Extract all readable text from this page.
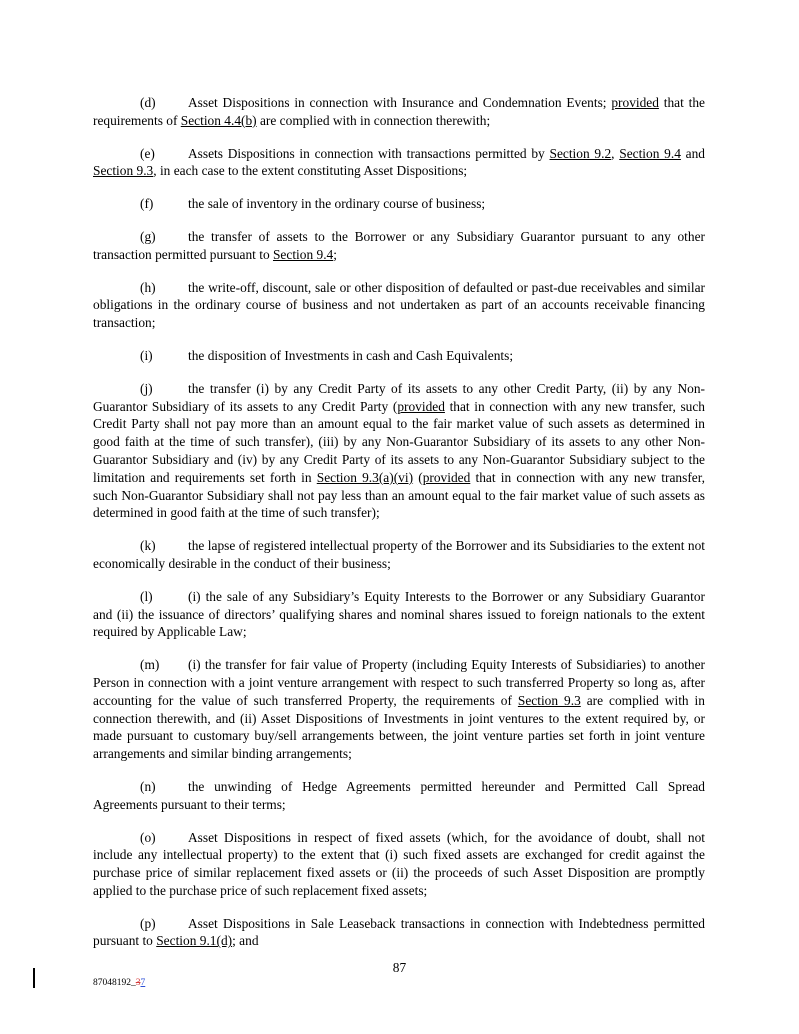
(d) Asset Dispositions in connection with Insurance and Condemnation Events; provided that the requirements of Section 4.4(b) are complied with in connection therewith;

(e) Assets Dispositions in connection with transactions permitted by Section 9.2, Section 9.4 and Section 9.3, in each case to the extent constituting Asset Dispositions;

(f)	the sale of inventory in the ordinary course of business;

(g) the transfer of assets to the Borrower or any Subsidiary Guarantor pursuant to any other transaction permitted pursuant to Section 9.4;

(h) the write-off, discount, sale or other disposition of defaulted or past-due receivables and similar obligations in the ordinary course of business and not undertaken as part of an accounts receivable financing transaction;

(i)	the disposition of Investments in cash and Cash Equivalents;

(j)	the transfer (i) by any Credit Party of its assets to any other Credit Party, (ii) by any Non-Guarantor Subsidiary of its assets to any Credit Party (provided that in connection with any new transfer, such Credit Party shall not pay more than an amount equal to the fair market value of such assets as determined in good faith at the time of such transfer), (iii) by any Non-Guarantor Subsidiary of its assets to any other Non-Guarantor Subsidiary and (iv) by any Credit Party of its assets to any Non-Guarantor Subsidiary subject to the limitation and requirements set forth in Section 9.3(a)(vi) (provided that in connection with any new transfer, such Non-Guarantor Subsidiary shall not pay less than an amount equal to the fair market value of such assets as determined in good faith at the time of such transfer);

(k) the lapse of registered intellectual property of the Borrower and its Subsidiaries to the extent not economically desirable in the conduct of their business;

(l)	(i) the sale of any Subsidiary’s Equity Interests to the Borrower or any Subsidiary Guarantor and (ii) the issuance of directors’ qualifying shares and nominal shares issued to foreign nationals to the extent required by Applicable Law;

(m) (i) the transfer for fair value of Property (including Equity Interests of Subsidiaries) to another Person in connection with a joint venture arrangement with respect to such transferred Property so long as, after accounting for the value of such transferred Property, the requirements of Section 9.3 are complied with in connection therewith, and (ii) Asset Dispositions of Investments in joint ventures to the extent required by, or made pursuant to customary buy/sell arrangements between, the joint venture parties set forth in joint venture arrangements and similar binding arrangements;

(n) the unwinding of Hedge Agreements permitted hereunder and Permitted Call Spread Agreements pursuant to their terms;

(o) Asset Dispositions in respect of fixed assets (which, for the avoidance of doubt, shall not include any intellectual property) to the extent that (i) such fixed assets are exchanged for credit against the purchase price of similar replacement fixed assets or (ii) the proceeds of such Asset Disposition are promptly applied to the purchase price of such replacement fixed assets;

(p) Asset Dispositions in Sale Leaseback transactions in connection with Indebtedness permitted pursuant to Section 9.1(d); and

87
87048192_37
